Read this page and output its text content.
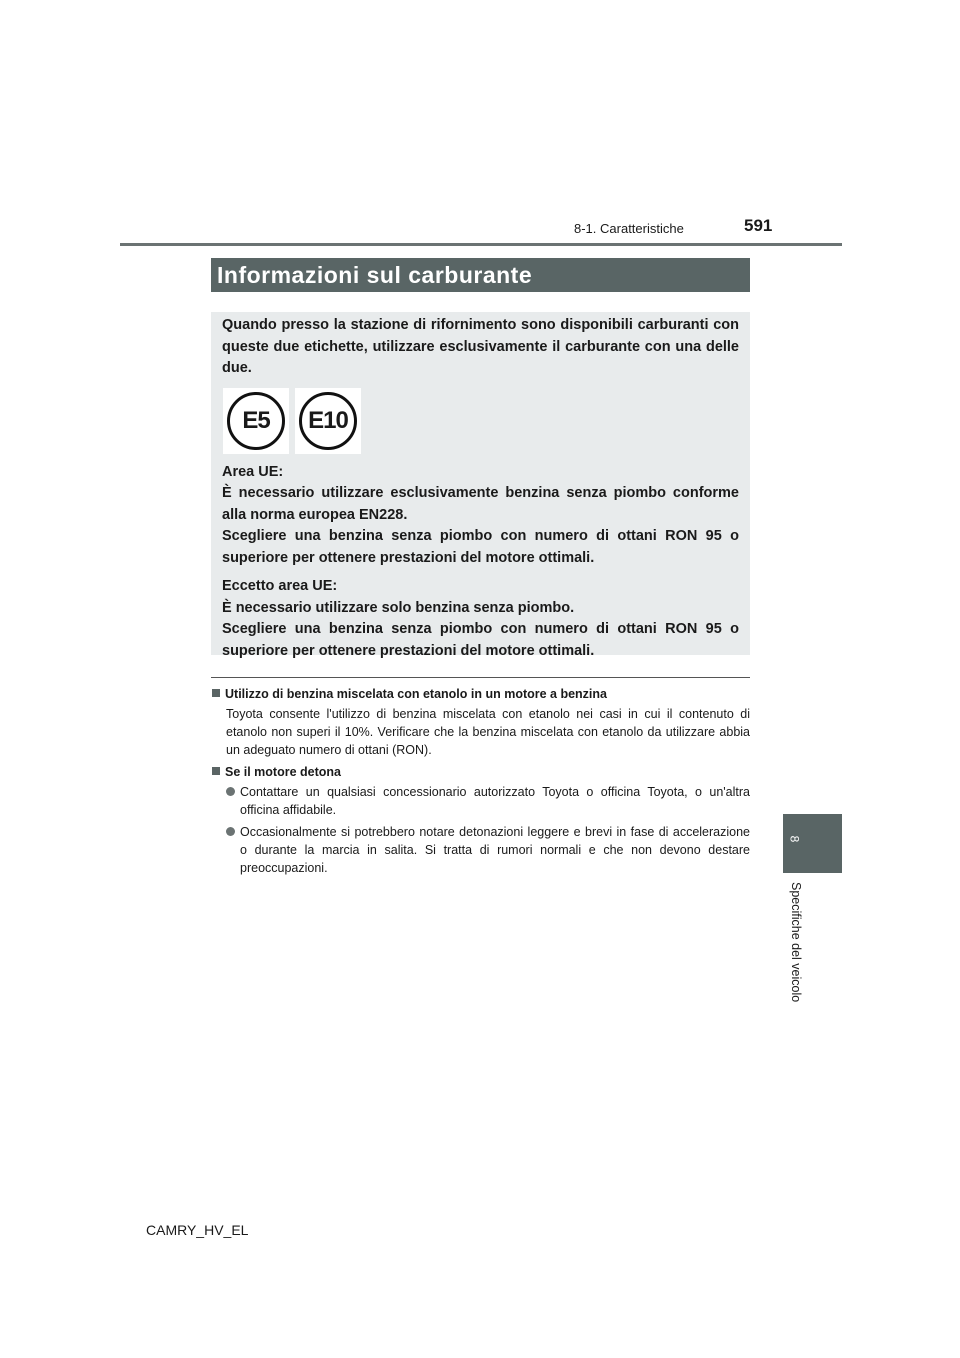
8-1. Caratteristiche	591
Informazioni sul carburante

Quando presso la stazione di rifornimento sono disponibili carburanti con queste due etichette, utilizzare esclusivamente il carburante con una delle due.

E5	E10

Area UE:

È necessario utilizzare esclusivamente benzina senza piombo conforme alla norma europea EN228.

Scegliere una benzina senza piombo con numero di ottani RON 95 o superiore per ottenere prestazioni del motore ottimali.

Eccetto area UE:

È necessario utilizzare solo benzina senza piombo.

Scegliere una benzina senza piombo con numero di ottani RON 95 o superiore per ottenere prestazioni del motore ottimali.

Utilizzo di benzina miscelata con etanolo in un motore a benzina
Toyota consente l'utilizzo di benzina miscelata con etanolo nei casi in cui il contenuto di etanolo non superi il 10%. Verificare che la benzina miscelata con etanolo da utilizzare abbia un adeguato numero di ottani (RON).
Se il motore detona
Contattare un qualsiasi concessionario autorizzato Toyota o officina Toyota, o un'altra officina affidabile.
Occasionalmente si potrebbero notare detonazioni leggere e brevi in fase di accelerazione o durante la marcia in salita. Si tratta di rumori normali e che non devono destare preoccupazioni.
8
Specifiche del veicolo
CAMRY_HV_EL
